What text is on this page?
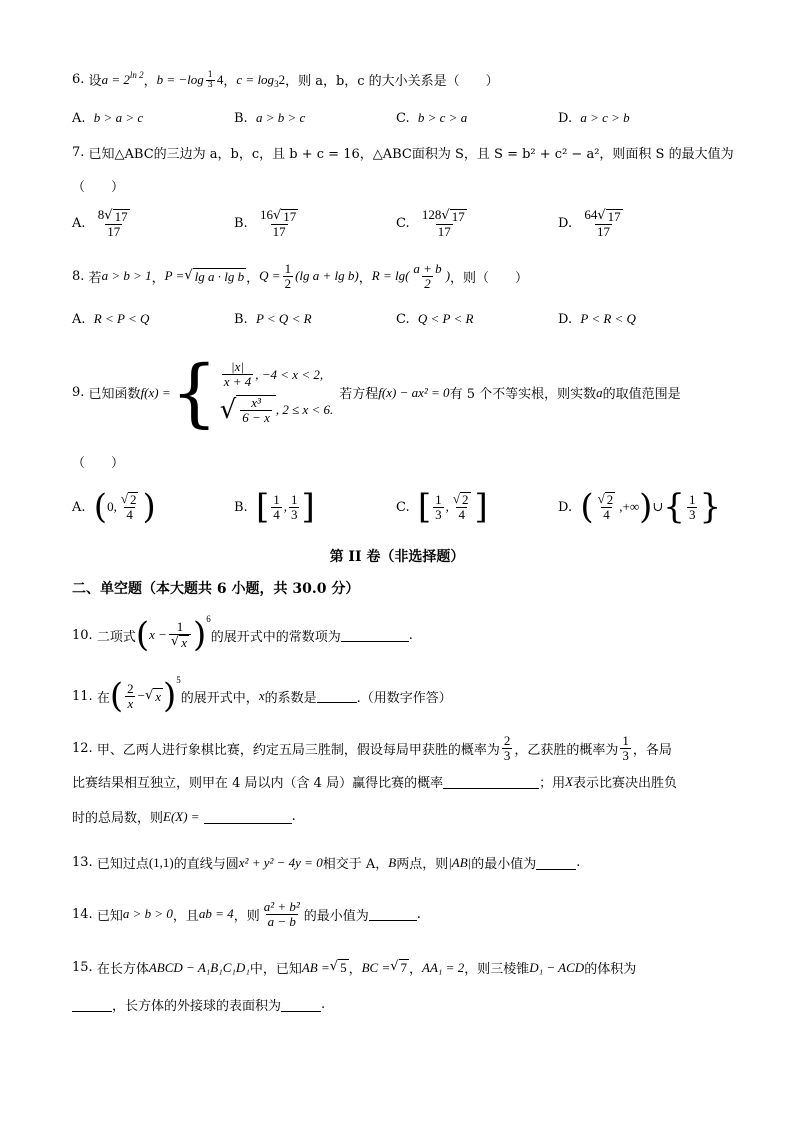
6.
设 $a = 2^{ln 2}$ ， $b = -\log \frac{1}{3} 4$ ， $c = \log_3 2$ ，则 a，b，c 的大小关系是（　　）
A.
b > a > c	B.
a > b > c	C.
b > c > a	D.
a > c > b
7.
已知△ABC的三边为 a，b，c，且 b + c = 16，△ABC面积为 S，且 S = b² + c² − a²，则面积 S 的最大值为
（　　）
A.
$\frac{8√ 17}{17}$	B.
$\frac{16√ 17}{17}$	C.
$\frac{128√ 17}{17}$	D.
$\frac{64√ 17}{17}$
8.
若 a > b > 1 ， P = √ lg a · lg b ， $Q = \frac{1}{2} (\lg$ a + lg b) ， $R = \lg( \frac{a + b}{2}$ ) ，则（　　）
A.
R < P < Q	B.
P < Q < R	C.
Q < P < R	D.
P < R < Q
9.
已知函数 f(x) = { $\frac{|x|}{x + 4}$ , −4 < x < 2,
√ $\frac{\text{x³}}{6 - x}$ , 2 ≤ x < 6.
若方程 f(x) − ax² = 0 有 5 个不等实根，则实数 a 的取值范围是
（　　）
A.
( 0, $\frac{√ 2}{4}$ )	B.
[ $\frac{1}{4}$ , $\frac{1}{3}$ ]	C.
[ $\frac{1}{3}$ , $\frac{√ 2}{4}$ ]	D.
( $\frac{√ 2}{4}$ ,+∞ ) ∪ { $\frac{1}{3}$ }
第 II 卷（非选择题）
二、单空题（本大题共 6 小题，共 30.0 分）
10.
二项式 ( $x - \frac{1}{√ x} )^6$
的展开式中的常数项为	.
11.
在 ( $\frac{2}{x}$ − √ x )$^5$
的展开式中， x 的系数是	.（用数字作答）
12.
甲、乙两人进行象棋比赛，约定五局三胜制，假设每局甲获胜的概率为 $\frac{2}{3}$ ，乙获胜的概率为 $\frac{1}{3}$ ，各局
比赛结果相互独立，则甲在 4 局以内（含 4 局）赢得比赛的概率	；用 X 表示比赛决出胜负
时的总局数，则 E(X) =	.
13.
已知过点 (1,1) 的直线与圆 x² + y² − 4y = 0 相交于 A， B 两点，则 |AB| 的最小值为	.
14.
已知 a > b > 0 ，且 ab = 4 ，则 $\frac{\text{a² + b²}}{a - b}$ 的最小值为	.
15.
在长方体 ABCD − A₁B₁C₁D₁ 中，已知 AB = √ 5 ， BC = √ 7 ， AA₁ = 2 ，则三棱锥 D₁ − ACD 的体积为
，长方体的外接球的表面积为	.
